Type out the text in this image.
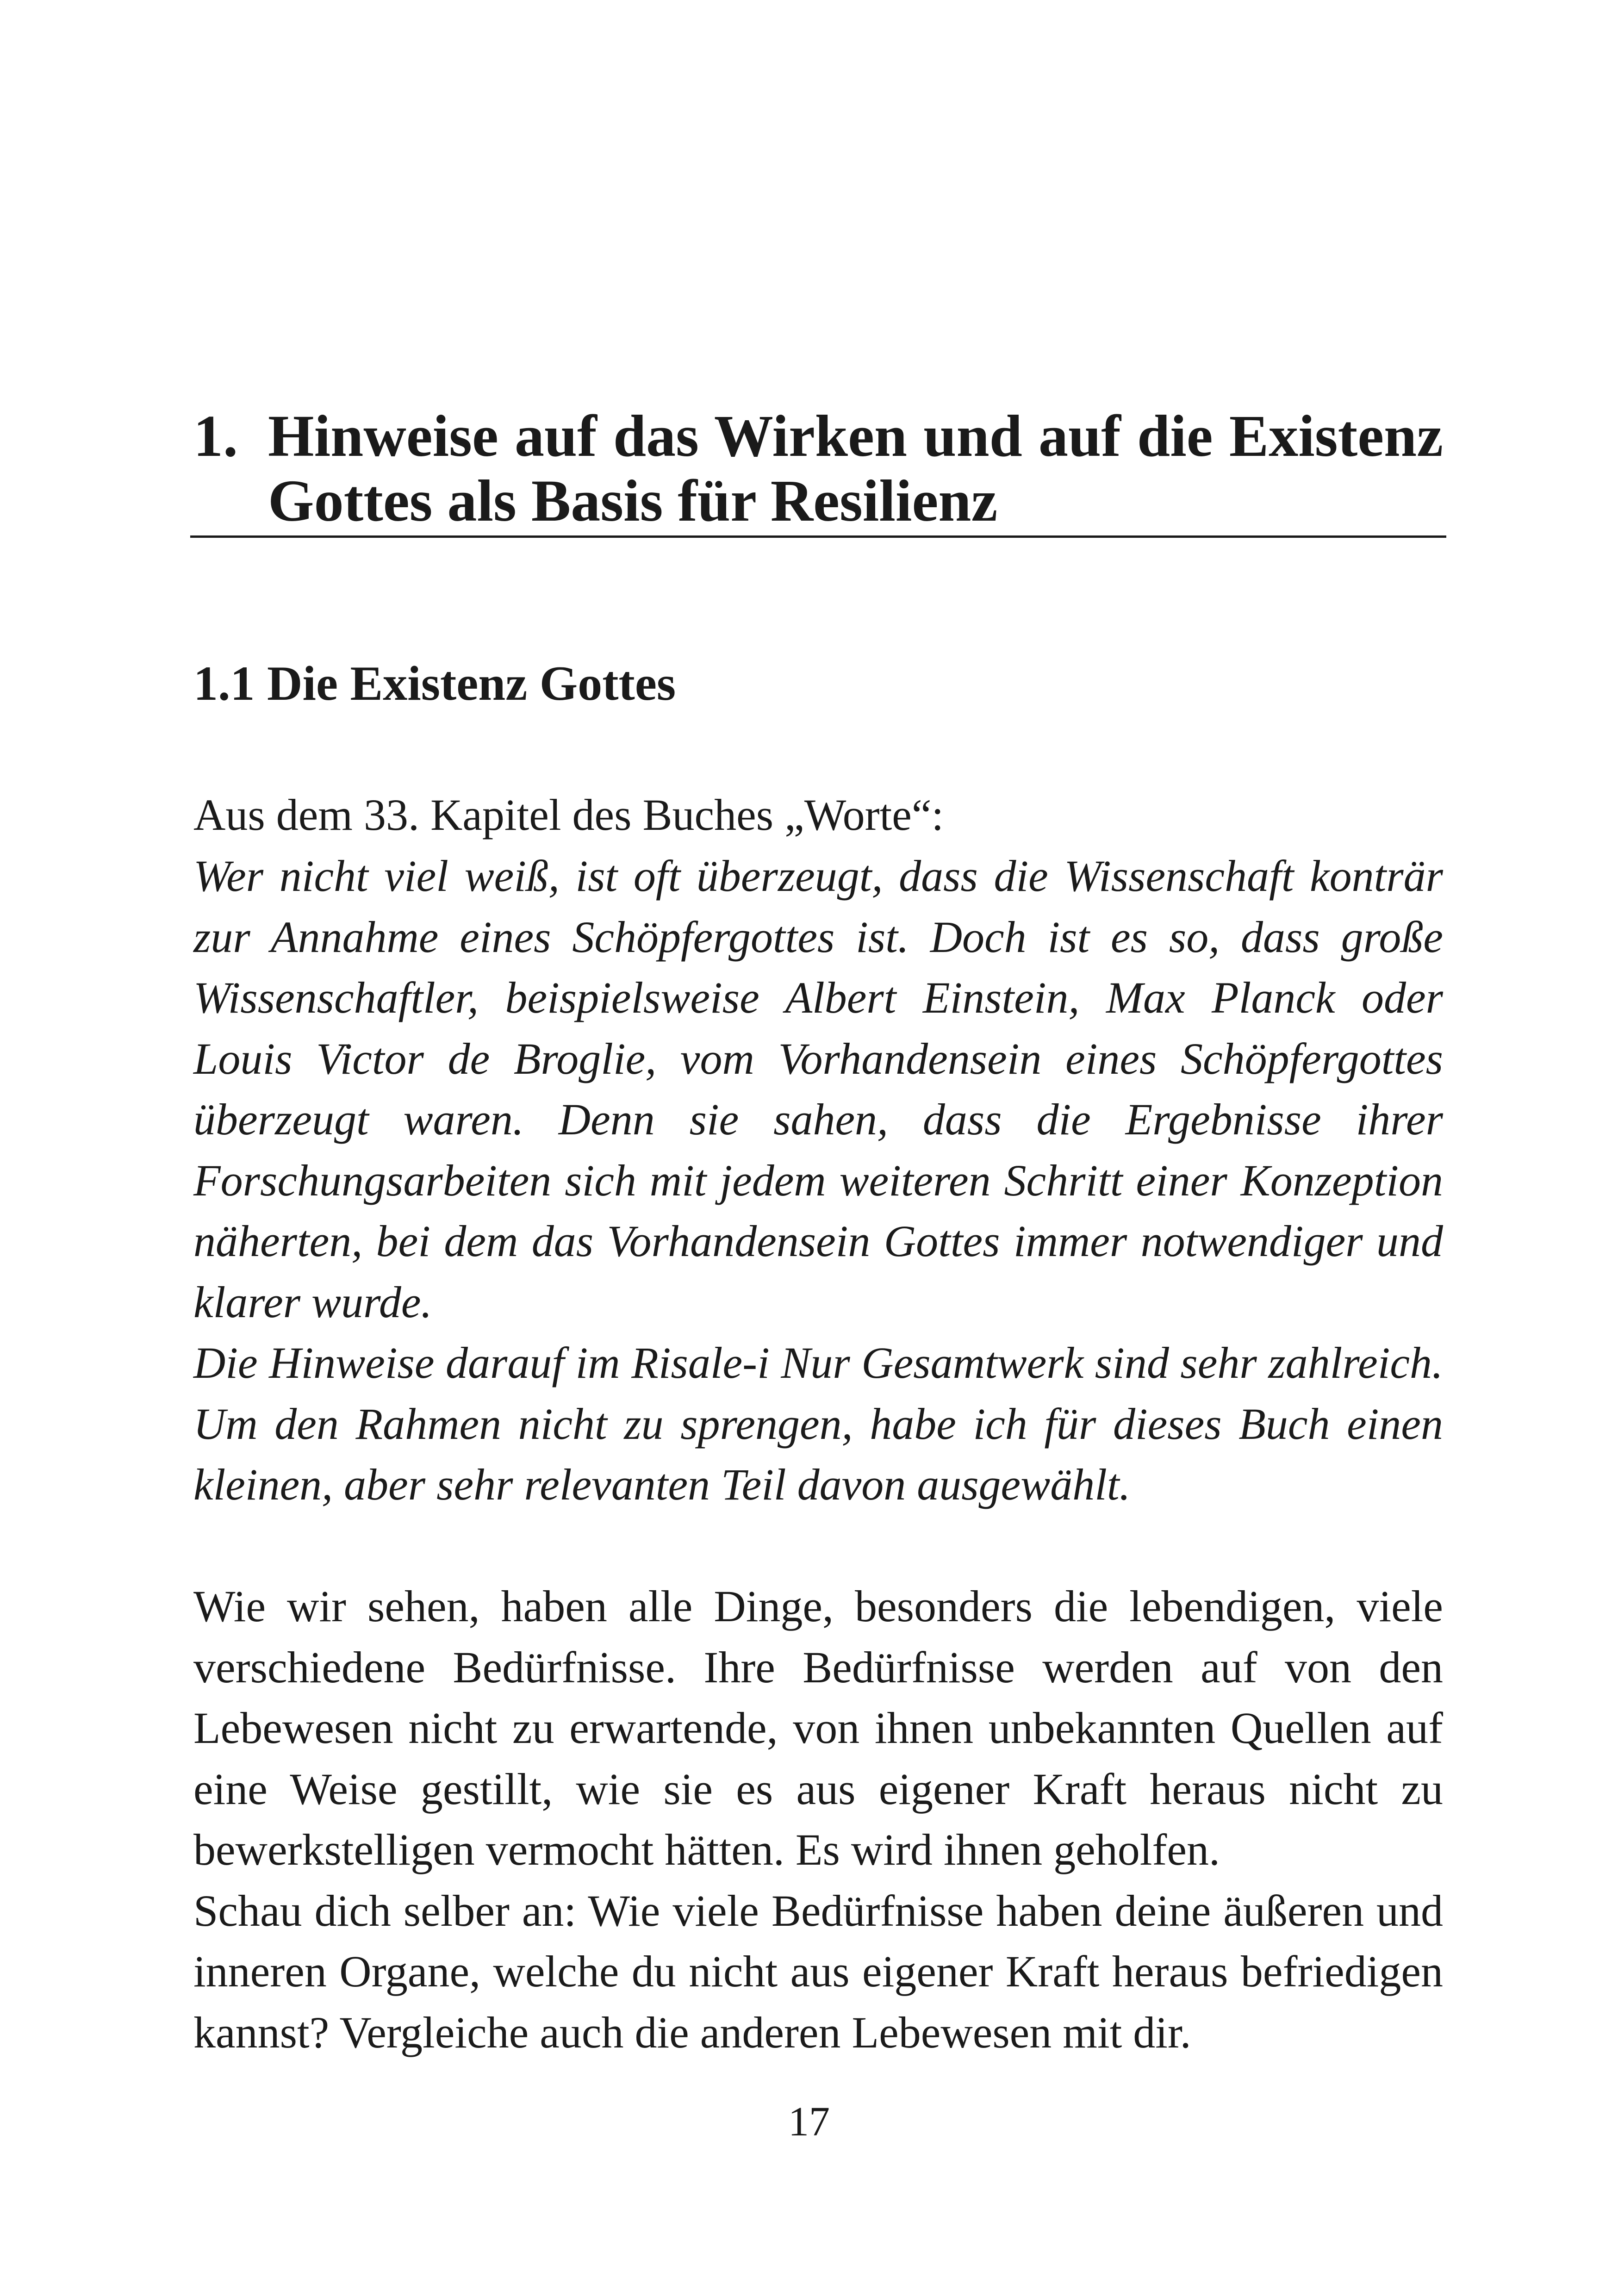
1. Hinweise auf das Wirken und auf die Existenz Gottes als Basis für Resilienz
1.1 Die Existenz Gottes
Aus dem 33. Kapitel des Buches „Worte“:

Wer nicht viel weiß, ist oft überzeugt, dass die Wissenschaft konträr zur Annahme eines Schöpfergottes ist. Doch ist es so, dass große Wissenschaftler, beispielsweise Albert Einstein, Max Planck oder Louis Victor de Broglie, vom Vorhandensein eines Schöpfergottes überzeugt waren. Denn sie sahen, dass die Ergebnisse ihrer Forschungsarbeiten sich mit jedem weiteren Schritt einer Konzeption näherten, bei dem das Vorhandensein Gottes immer notwendiger und klarer wurde.

Die Hinweise darauf im Risale-i Nur Gesamtwerk sind sehr zahlreich. Um den Rahmen nicht zu sprengen, habe ich für dieses Buch einen kleinen, aber sehr relevanten Teil davon ausgewählt.

Wie wir sehen, haben alle Dinge, besonders die lebendigen, viele verschiedene Bedürfnisse. Ihre Bedürfnisse werden auf von den Lebewesen nicht zu erwartende, von ihnen unbekannten Quellen auf eine Weise gestillt, wie sie es aus eigener Kraft heraus nicht zu bewerkstelligen vermocht hätten. Es wird ihnen geholfen.

Schau dich selber an: Wie viele Bedürfnisse haben deine äußeren und inneren Organe, welche du nicht aus eigener Kraft heraus befriedigen kannst? Vergleiche auch die anderen Lebewesen mit dir.

17
